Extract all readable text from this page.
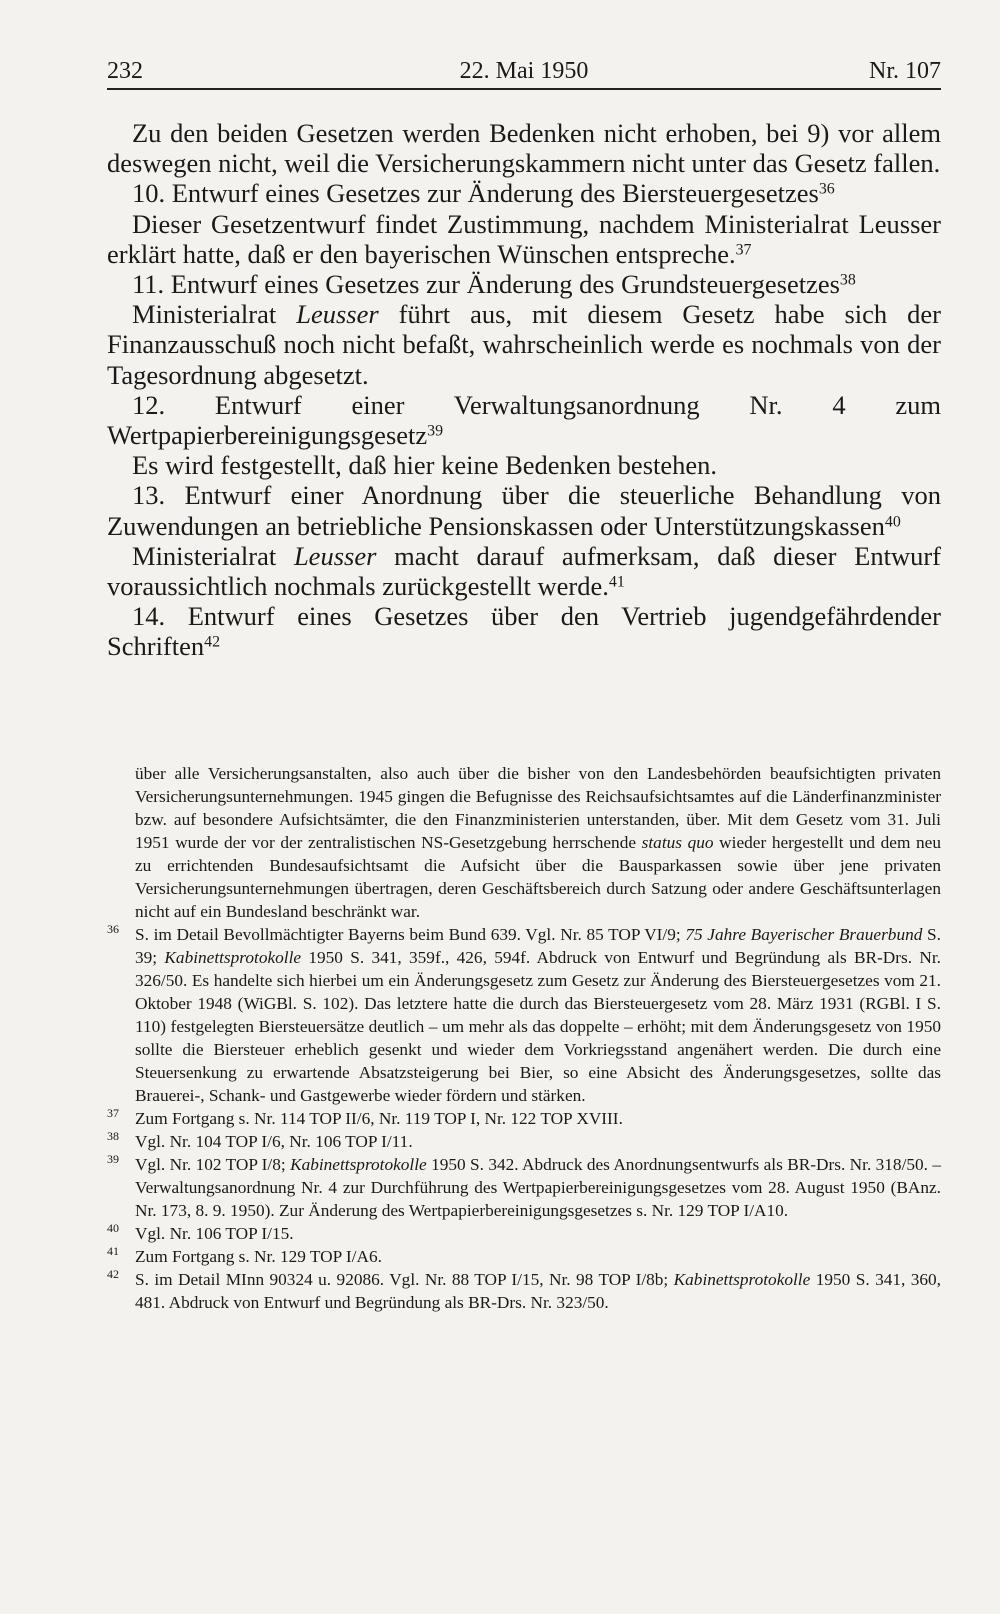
232	22. Mai 1950	Nr. 107

Zu den beiden Gesetzen werden Bedenken nicht erhoben, bei 9) vor allem deswegen nicht, weil die Versicherungskammern nicht unter das Gesetz fallen.

10. Entwurf eines Gesetzes zur Änderung des Biersteuergesetzes$^{36}$

Dieser Gesetzentwurf findet Zustimmung, nachdem Ministerialrat Leusser erklärt hatte, daß er den bayerischen Wünschen entspreche.$^{37}$

11. Entwurf eines Gesetzes zur Änderung des Grundsteuergesetzes$^{38}$

Ministerialrat Leusser führt aus, mit diesem Gesetz habe sich der Finanzausschuß noch nicht befaßt, wahrscheinlich werde es nochmals von der Tagesordnung abgesetzt.

12. Entwurf einer Verwaltungsanordnung Nr. 4 zum Wertpapierbereinigungsgesetz$^{39}$

Es wird festgestellt, daß hier keine Bedenken bestehen.

13. Entwurf einer Anordnung über die steuerliche Behandlung von Zuwendungen an betriebliche Pensionskassen oder Unterstützungskassen$^{40}$

Ministerialrat Leusser macht darauf aufmerksam, daß dieser Entwurf voraussichtlich nochmals zurückgestellt werde.$^{41}$

14. Entwurf eines Gesetzes über den Vertrieb jugendgefährdender Schriften$^{42}$

über alle Versicherungsanstalten, also auch über die bisher von den Landesbehörden beaufsichtigten privaten Versicherungsunternehmungen. 1945 gingen die Befugnisse des Reichsaufsichtsamtes auf die Länderfinanzminister bzw. auf besondere Aufsichtsämter, die den Finanzministerien unterstanden, über. Mit dem Gesetz vom 31. Juli 1951 wurde der vor der zentralistischen NS-Gesetzgebung herrschende status quo wieder hergestellt und dem neu zu errichtenden Bundesaufsichtsamt die Aufsicht über die Bausparkassen sowie über jene privaten Versicherungsunternehmungen übertragen, deren Geschäftsbereich durch Satzung oder andere Geschäftsunterlagen nicht auf ein Bundesland beschränkt war.

36 S. im Detail Bevollmächtigter Bayerns beim Bund 639. Vgl. Nr. 85 TOP VI/9; 75 Jahre Bayerischer Brauerbund S. 39; Kabinettsprotokolle 1950 S. 341, 359f., 426, 594f. Abdruck von Entwurf und Begründung als BR-Drs. Nr. 326/50. Es handelte sich hierbei um ein Änderungsgesetz zum Gesetz zur Änderung des Biersteuergesetzes vom 21. Oktober 1948 (WiGBl. S. 102). Das letztere hatte die durch das Biersteuergesetz vom 28. März 1931 (RGBl. I S. 110) festgelegten Biersteuersätze deutlich – um mehr als das doppelte – erhöht; mit dem Änderungsgesetz von 1950 sollte die Biersteuer erheblich gesenkt und wieder dem Vorkriegsstand angenähert werden. Die durch eine Steuersenkung zu erwartende Absatzsteigerung bei Bier, so eine Absicht des Änderungsgesetzes, sollte das Brauerei-, Schank- und Gastgewerbe wieder fördern und stärken.

37 Zum Fortgang s. Nr. 114 TOP II/6, Nr. 119 TOP I, Nr. 122 TOP XVIII.

38 Vgl. Nr. 104 TOP I/6, Nr. 106 TOP I/11.

39 Vgl. Nr. 102 TOP I/8; Kabinettsprotokolle 1950 S. 342. Abdruck des Anordnungsentwurfs als BR-Drs. Nr. 318/50. – Verwaltungsanordnung Nr. 4 zur Durchführung des Wertpapierbereinigungsgesetzes vom 28. August 1950 (BAnz. Nr. 173, 8. 9. 1950). Zur Änderung des Wertpapierbereinigungsgesetzes s. Nr. 129 TOP I/A10.

40 Vgl. Nr. 106 TOP I/15.

41 Zum Fortgang s. Nr. 129 TOP I/A6.

42 S. im Detail MInn 90324 u. 92086. Vgl. Nr. 88 TOP I/15, Nr. 98 TOP I/8b; Kabinettsprotokolle 1950 S. 341, 360, 481. Abdruck von Entwurf und Begründung als BR-Drs. Nr. 323/50.
